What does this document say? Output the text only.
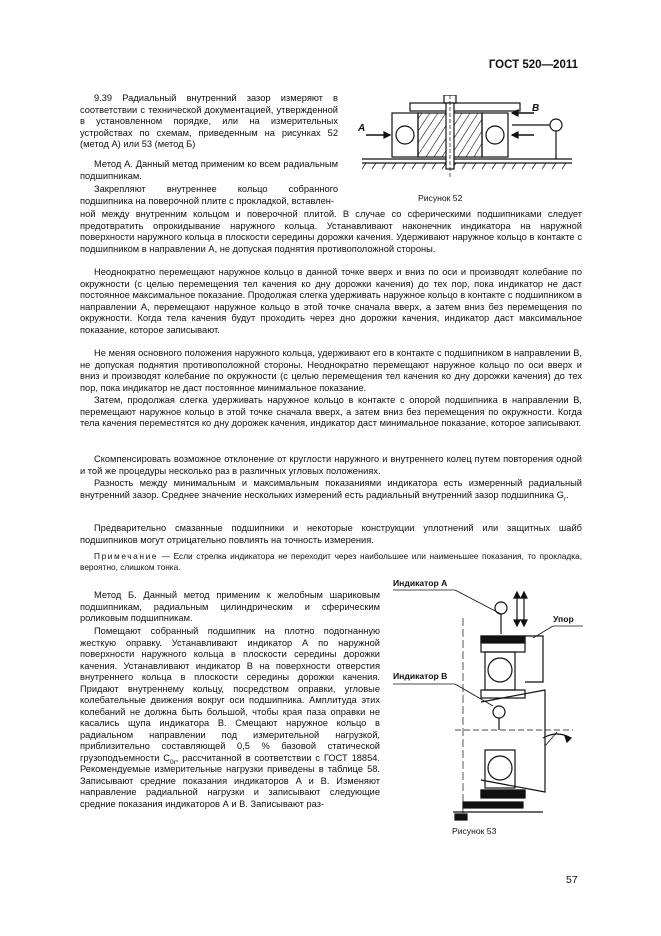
ГОСТ 520—2011
А
В
Рисунок 52

9.39 Радиальный внутренний зазор измеряют в соответствии с технической документацией, утвержденной в установленном порядке, или на измерительных устройствах по схемам, приведенным на рисунках 52 (метод А) или 53 (метод Б)

Метод А. Данный метод применим ко всем радиальным подшипникам.

Закрепляют внутреннее кольцо собранного подшипника на поверочной плите с прокладкой, вставлен-

ной между внутренним кольцом и поверочной плитой. В случае со сферическими подшипниками следует предотвратить опрокидывание наружного кольца. Устанавливают наконечник индикатора на наружной поверхности наружного кольца в плоскости середины дорожки качения. Удерживают наружное кольцо в контакте с подшипником в направлении А, не допуская поднятия противоположной стороны.

Неоднократно перемещают наружное кольцо в данной точке вверх и вниз по оси и производят колебание по окружности (с целью перемещения тел качения ко дну дорожки качения) до тех пор, пока индикатор не даст постоянное максимальное показание. Продолжая слегка удерживать наружное кольцо в контакте с подшипником в направлении А, перемещают наружное кольцо в этой точке сначала вверх, а затем вниз без перемещения по окружности. Когда тела качения будут проходить через дно дорожки качения, индикатор даст максимальное показание, которое записывают.

Не меняя основного положения наружного кольца, удерживают его в контакте с подшипником в направлении В, не допуская поднятия противоположной стороны. Неоднократно перемещают наружное кольцо по оси вверх и вниз и производят колебание по окружности (с целью перемещения тел качения ко дну дорожки качения) до тех пор, пока индикатор не даст постоянное минимальное показание.

Затем, продолжая слегка удерживать наружное кольцо в контакте с опорой подшипника в направлении В, перемещают наружное кольцо в этой точке сначала вверх, а затем вниз без перемещения по окружности. Когда тела качения переместятся ко дну дорожек качения, индикатор даст минимальное показание, которое записывают.

Скомпенсировать возможное отклонение от круглости наружного и внутреннего колец путем повторения одной и той же процедуры несколько раз в различных угловых положениях.

Разность между минимальным и максимальным показаниями индикатора есть измеренный радиальный внутренний зазор. Среднее значение нескольких измерений есть радиальный внутренний зазор подшипника $G_r$.

Предварительно смазанные подшипники и некоторые конструкции уплотнений или защитных шайб подшипников могут отрицательно повлиять на точность измерения.

Примечание — Если стрелка индикатора не переходит через наибольшее или наименьшее показания, то прокладка, вероятно, слишком тонка.

Метод Б. Данный метод применим к желобным шариковым подшипникам, радиальным цилиндрическим и сферическим роликовым подшипникам.

Помещают собранный подшипник на плотно подогнанную жесткую оправку. Устанавливают индикатор А по наружной поверхности наружного кольца в плоскости середины дорожки качения. Устанавливают индикатор В на поверхности отверстия внутреннего кольца в плоскости середины дорожки качения. Придают внутреннему кольцу, посредством оправки, угловые колебательные движения вокруг оси подшипника. Амплитуда этих колебаний не должна быть большой, чтобы края паза оправки не касались щупа индикатора В. Смещают наружное кольцо в радиальном направлении под измерительной нагрузкой, приблизительно составляющей 0,5 % базовой статической грузоподъемности $C_{0r}$, рассчитанной в соответствии с ГОСТ 18854. Рекомендуемые измерительные нагрузки приведены в таблице 58. Записывают средние показания индикаторов А и В. Изменяют направление радиальной нагрузки и записывают следующие средние показания индикаторов А и В. Записывают раз-

Индикатор А
Индикатор В
Упор
Рисунок 53
57
